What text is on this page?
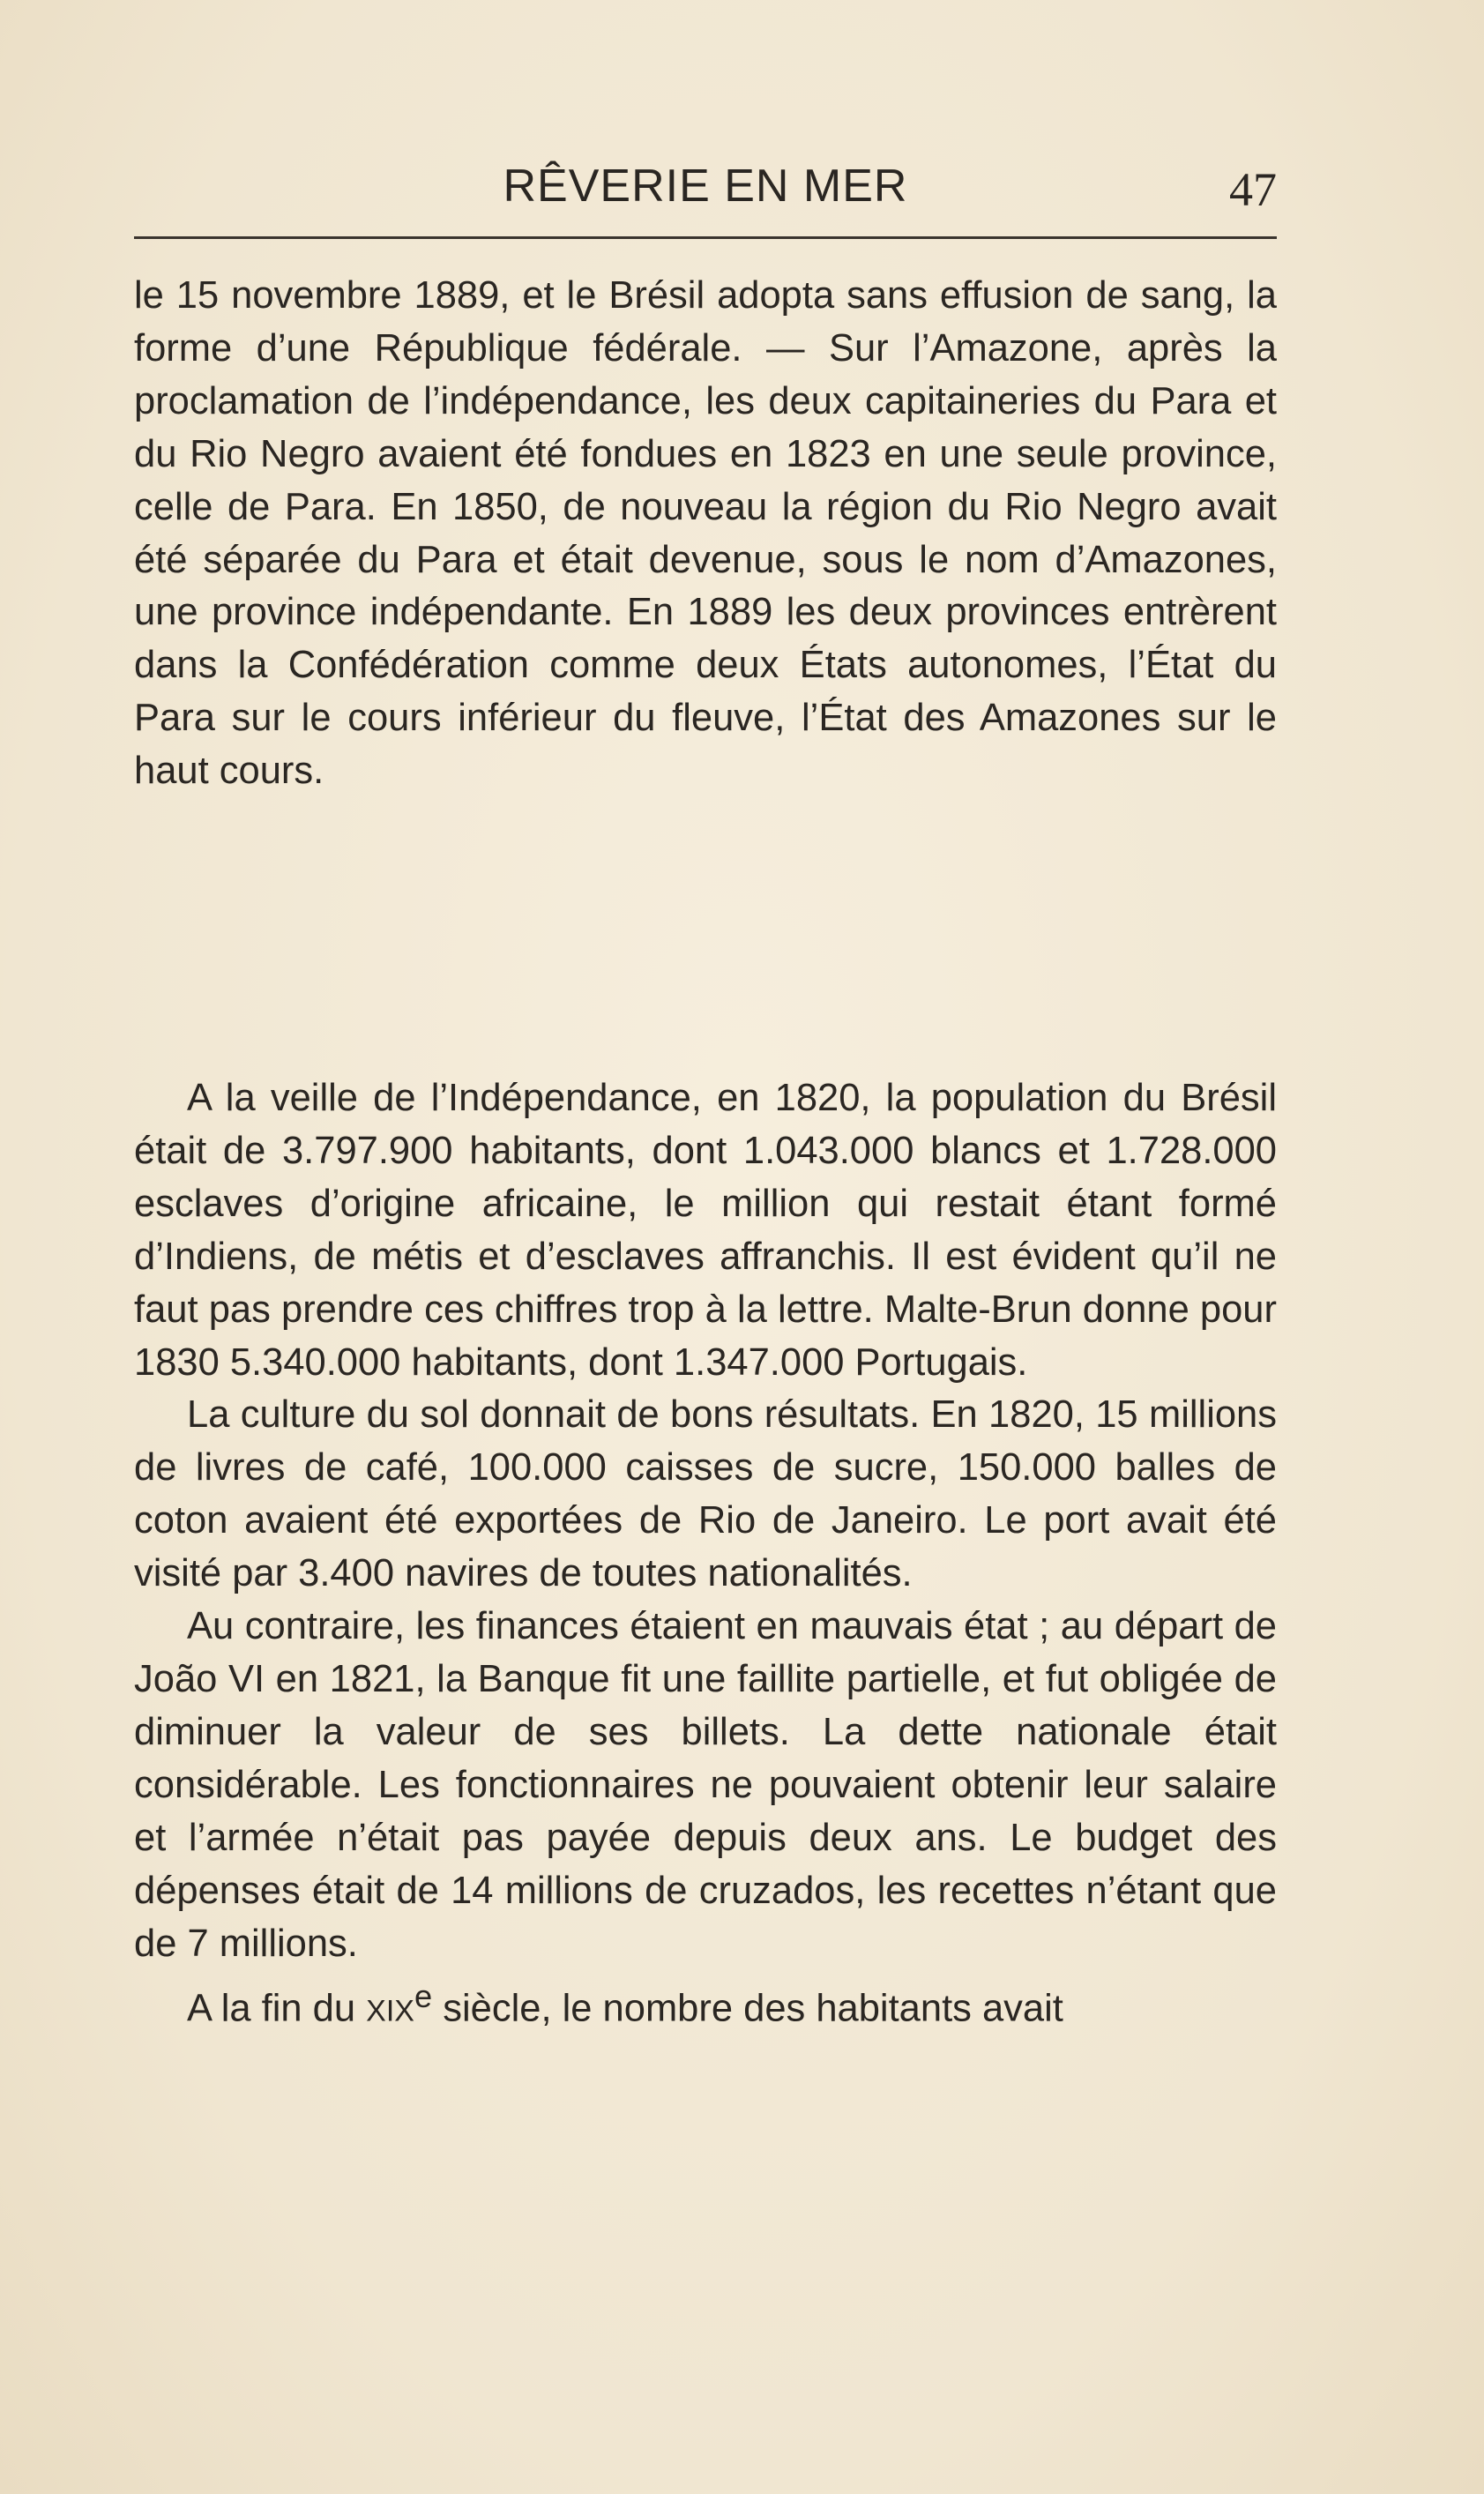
RÊVERIE EN MER	47

le 15 novembre 1889, et le Brésil adopta sans effusion de sang, la forme d’une République fédérale. — Sur l’Amazone, après la proclamation de l’indépendance, les deux capitaineries du Para et du Rio Negro avaient été fondues en 1823 en une seule province, celle de Para. En 1850, de nouveau la région du Rio Negro avait été séparée du Para et était devenue, sous le nom d’Amazones, une province indépendante. En 1889 les deux provinces entrèrent dans la Confédération comme deux États autonomes, l’État du Para sur le cours inférieur du fleuve, l’État des Amazones sur le haut cours.

A la veille de l’Indépendance, en 1820, la population du Brésil était de 3.797.900 habitants, dont 1.043.000 blancs et 1.728.000 esclaves d’origine africaine, le million qui restait étant formé d’Indiens, de métis et d’esclaves affranchis. Il est évident qu’il ne faut pas prendre ces chiffres trop à la lettre. Malte-Brun donne pour 1830 5.340.000 habitants, dont 1.347.000 Portugais.

La culture du sol donnait de bons résultats. En 1820, 15 millions de livres de café, 100.000 caisses de sucre, 150.000 balles de coton avaient été exportées de Rio de Janeiro. Le port avait été visité par 3.400 navires de toutes nationalités.

Au contraire, les finances étaient en mauvais état ; au départ de João VI en 1821, la Banque fit une faillite partielle, et fut obligée de diminuer la valeur de ses billets. La dette nationale était considérable. Les fonctionnaires ne pouvaient obtenir leur salaire et l’armée n’était pas payée depuis deux ans. Le budget des dépenses était de 14 millions de cruzados, les recettes n’étant que de 7 millions.

A la fin du XIXe siècle, le nombre des habitants avait
